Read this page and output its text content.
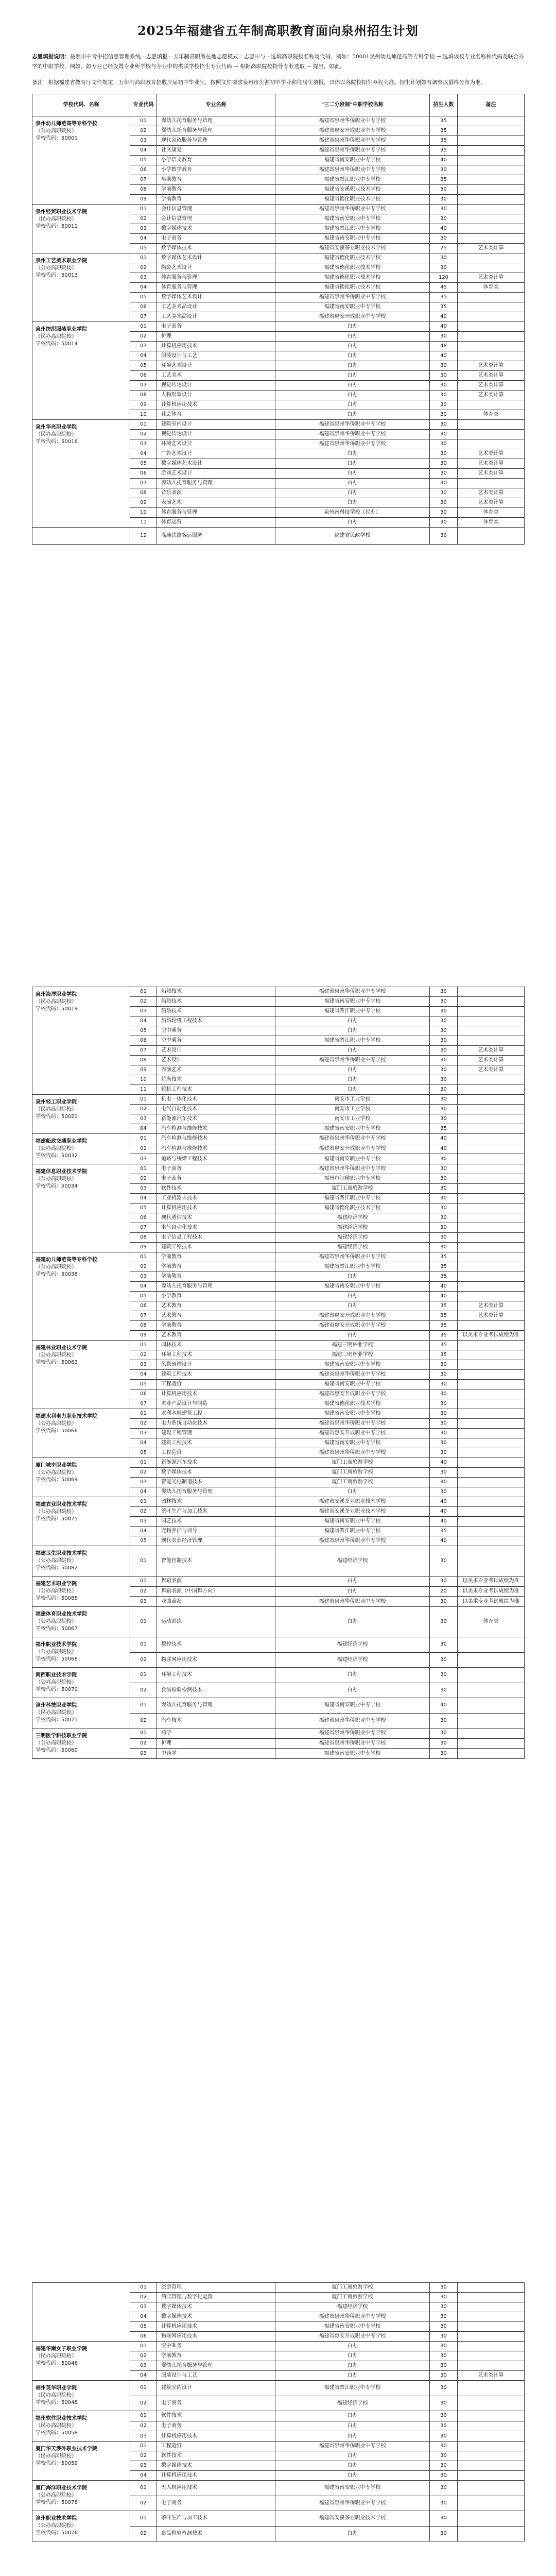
2025年福建省五年制高职教育面向泉州招生计划

志愿填报说明：按照市中考中招信息管理系统—志愿填报—五年制高职所在地志愿模式一志愿中与—选填高职院校名称及代码，例如：50001泉州幼儿师范高等专科学校 → 选填该校专业名称和代码及联合办学的中职学校，例如，如专业已经设置专业所学校与专业中的类联学校招生专业代码 → 根据高职院校指导专业选取 → 提出，如此。

备注：根据福建省教育厅文件规定，五年制高职教育招收应届初中毕业生，按照文件要求泉州市生源初中毕业和往届生填报，具体以各院校招生章程为准。招生计划如有调整以最终公布为准。

学校代码、名称	专业代码	专业名称	"三二分段制"中职学校名称	招生人数	备注

泉州幼儿师范高等专科学校
（公办高职院校）
学校代码：50001	01	婴幼儿托育服务与管理	福建省泉州华侨职业中专学校	35	
	02	婴幼儿托育服务与管理	福建省惠安开成职业中专学校	35	
	03	现代家政服务与管理	福建省泉州华侨职业中专学校	35	
	04	社区康复	福建省泉州华侨职业中专学校	35	
	05	小学语文教育	福建省南安职业中专学校	40	
	06	小学数学教育	福建省泉州华侨职业中专学校	30	
	07	早期教育	福建省晋江职业中专学校	35	
	08	学前教育	福建省安溪职业技术学校	30	
	09	学前教育	福建省德化职业技术学校	30	

泉州经贸职业技术学院
（民办高职院校）
学校代码：50011	01	会计信息管理	福建省泉州华侨职业中专学校	30	
	02	会计信息管理	福建省南安职业中专学校	30	
	03	数字媒体技术	福建省晋江职业中专学校	40	
	04	电子商务	福建省南安职业中专学校	30	
	05	数字媒体技术	福建省安溪茶业职业技术学校	25	艺术类计算

泉州工艺美术职业学院
（公办高职院校）
学校代码：50013	01	数字媒体艺术设计	福建省德化职业技术学校	30	
	02	陶瓷艺术设计	福建省德化职业技术学校	30	
	03	体育服务与管理	福建省德化职业技术学校	120	艺术类计算
	04	体育服务与管理	福建省德化职业技术学校	45	体育类
	05	数字媒体艺术设计	福建省泉州华侨职业中专学校	35	
	06	工艺美术品设计	福建省南安职业中专学校	35	
	07	工艺美术品设计	福建省惠安开成职业中专学校	40	

泉州纺织服装职业学院
（民办高职院校）
学校代码：50014	01	电子商务	白办	40	
	02	护理	白办	30	
	03	计算机应用技术	白办	48	
	04	服装设计与工艺	白办	40	
	05	环境艺术设计	白办	30	艺术类计算
	06	工艺美术	白办	30	艺术类计算
	07	视觉传达设计	白办	30	艺术类计算
	08	人物形象设计	白办	30	艺术类计算
	09	计算机应用技术	白办	30	
	10	社会体育	白办	30	体育类

泉州华光职业学院
（民办高职院校）
学校代码：50016	01	建筑室内设计	福建省泉州华侨职业中专学校	30	
	02	视觉传达设计	福建省泉州华侨职业中专学校	30	
	03	环境艺术设计	福建省泉州华侨职业中专学校	30	
	04	广告艺术设计	白办	30	艺术类计算
	05	数字媒体艺术设计	白办	30	艺术类计算
	06	游戏艺术设计	白办	30	艺术类计算
	07	婴幼儿托育服务与管理	白办	30	
	08	音乐表演	白办	30	艺术类计算
	09	表演艺术	白办	30	艺术类计算
	10	体育服务与管理	泉州南科技学校（民办）	30	体育类
	11	体育运营	白办	30	体育类

	12	高速铁路客运服务	福建省民政学校	30	
泉州海洋职业学院
（民办高职院校）
学校代码：50019	01	船舶技术	福建省泉州华侨职业中专学校	30	
	02	船舶技术	福建省南安职业中专学校	30	
	03	船舶技术	福建省晋江职业中专学校	30	
	04	船舶轮机工程技术	白办	30	
	05	空中乘务	白办	30	
	06	空中乘务	福建省晋江职业中专学校	30	
	07	艺术设计	白办	30	艺术类计算
	08	艺术设计	福建省泉州华侨职业中专学校	30	艺术类计算
	09	表演艺术	白办	30	艺术类计算
	10	航海技术	白办	30	
	11	轮机工程技术	白办	30	

泉州轻工职业学院
（民办高职院校）
学校代码：50021	01	机电一体化技术	南安市工业学校	30	
	02	电气自动化技术	南安市工业学校	30	
	03	新能源汽车技术	南安市工业学校	30	
	04	汽车检测与维修技术	福建省南安职业中专学校	35	

福建船政交通职业学院
（公办高职院校）
学校代码：50032	01	汽车检测与维修技术	福建省泉州华侨职业中专学校	40	
	02	汽车检测与维修技术	福建省惠安开成职业中专学校	40	
	03	道路与桥梁工程技术	福建省南安职业中专学校	30	

福建信息职业技术学院
（公办高职院校）
学校代码：50034	01	电子商务	福建省泉州华侨职业中专学校	30	
	02	电子商务	福州市闽侯职业中专学校	30	
	03	软件技术	厦门工商旅游学校	30	
	04	工业机器人技术	福建省晋江职业中专学校	30	
	05	计算机应用技术	福建省德化职业技术学校	30	
	06	现代通信技术	福建经济学校	30	
	07	电气自动化技术	福建经济学校	30	
	08	电子信息工程技术	福建经济学校	30	
	09	建筑工程技术	福建经济学校	30	

福建幼儿师范高等专科学校
（公办高职院校）
学校代码：50038	01	学前教育	福建省泉州华侨职业中专学校	35	
	02	学前教育	福建省晋江职业中专学校	35	
	03	学前教育	白办	35	
	04	婴幼儿托育服务与管理	福建省南安职业中专学校	40	
	05	小学教育	白办	40	
	06	艺术教育	白办	35	艺术类计算
	07	艺术教育	福建省惠安开成职业中专学校	35	艺术类计算
	08	学前教育	福建省惠安开成职业中专学校	35	
	09	艺术教育	白办	35	以美术专业考试成绩为准

福建林业职业技术学院
（公办高职院校）
学校代码：50063	01	园林技术	福建三明林业学校	35	
	02	环境工程技术	福建三明林业学校	35	
	03	风景园林设计	福建省南安职业中专学校	30	
	04	建筑工程技术	福建省泉州华侨职业中专学校	30	
	05	工程造价	福建省南安职业中专学校	30	
	06	计算机应用技术	福建省惠安开成职业中专学校	30	
	07	木业产品设计与制造	福建省德化职业技术学校	30	

福建水利电力职业技术学院
（公办高职院校）
学校代码：50066	01	水利水电建筑工程	福建省南安职业中专学校	30	
	02	电力系统自动化技术	福建省泉州华侨职业中专学校	30	
	03	建设工程管理	福建省惠安开成职业中专学校	30	
	04	建筑工程技术	福建省南安职业中专学校	30	
	05	工程造价	福建省泉州华侨职业中专学校	30	

厦门城市职业学院
（公办高职院校）
学校代码：50069	01	新能源汽车技术	厦门工商旅游学校	40	
	02	数字媒体技术	厦门工商旅游学校	30	
	03	智能光电制造技术	厦门工商旅游学校	30	
	04	婴幼儿托育服务与管理	白办	30	

福建农业职业技术学院
（公办高职院校）
学校代码：50075	01	园林技术	福建省安溪茶业职业技术学校	40	
	02	茶叶生产与加工技术	福建省安溪茶业职业技术学校	40	
	03	园艺技术	福建省南安职业中专学校	40	
	04	宠物养护与训导	福建省晋江职业中专学校	35	
	05	现代农业经济管理	福建省泉州华侨职业中专学校	40	

福建卫生职业技术学院
（公办高职院校）
学校代码：50082	01	智能控制技术	福建经济学校	30	

福建艺术职业学院
（公办高职院校）
学校代码：50085	01	舞蹈表演	白办	30	以美术专业考试成绩为准
	02	舞蹈表演（中国舞方向）	白办	20	以美术专业考试成绩为准
	03	戏曲表演	福建省泉州华侨职业中专学校	30	以美术专业考试成绩为准

福建体育职业技术学院
（公办高职院校）
学校代码：50067	01	运动训练	白办	30	体育类

福州职业技术学院
（公办高职院校）
学校代码：50068	01	数控技术	福建经济学校	30	
	02	物联网应用技术	福建经济学校	30	

闽西职业技术学院
（公办高职院校）
学校代码：50070	01	环境工程技术	白办	30	
	02	食品检验检测技术	白办	30	

漳州科技职业学院
（民办高职院校）
学校代码：50071	01	婴幼儿托育服务与管理	福建省南安职业中专学校	40	
	02	汽车技术	福建省泉州华侨职业中专学校	30	

三明医学科技职业学院
（公办高职院校）
学校代码：50060	01	药学	福建省泉州华侨职业中专学校	30	
	02	护理	福建省泉州华侨职业中专学校	30	
	03	中药学	福建省南安职业中专学校	30	
	01	旅游管理	厦门工商旅游学校	30	
	02	酒店管理与数字化运营	厦门工商旅游学校	30	
	03	数字媒体技术	福建经济学校	30	
	04	数字媒体技术	福建省泉州华侨职业中专学校	30	
	05	计算机应用技术	福建省南安职业中专学校	30	
	06	物联网应用技术	福建省惠安开成职业中专学校	30	

福建华南女子职业学院
（民办高职院校）
学校代码：50046	01	空中乘务	白办	30	
	02	学前教育	白办	30	
	03	婴幼儿托育服务与管理	白办	30	
	04	服装设计与工艺	白办	30	艺术类计算

福州英华职业学院
（民办高职院校）
学校代码：50048	01	建筑室内设计	福建省晋江职业中专学校	30	
	02	电子商务	福建经济学校	30	

福州软件职业技术学院
（民办高职院校）
学校代码：50058	01	软件技术	白办	30	
	02	电子商务	白办	30	
	03	计算机应用技术	白办	30	

厦门华天涉外职业技术学院
（民办高职院校）
学校代码：50059	01	工程造价	福建省泉州华侨职业中专学校	30	
	02	软件技术	白办	30	
	03	数字媒体技术	白办	30	
	04	计算机应用技术	白办	30	

厦门海洋职业技术学院
（公办高职院校）
学校代码：50078	01	无人机应用技术	福建省南安职业中专学校	30	
	02	电子商务	福建省泉州华侨职业中专学校	30	

漳州职业技术学院
（公办高职院校）
学校代码：50076	01	茶叶生产与加工技术	福建省安溪茶业职业技术学校	30	
	02	食品检验检测技术	白办	30	
